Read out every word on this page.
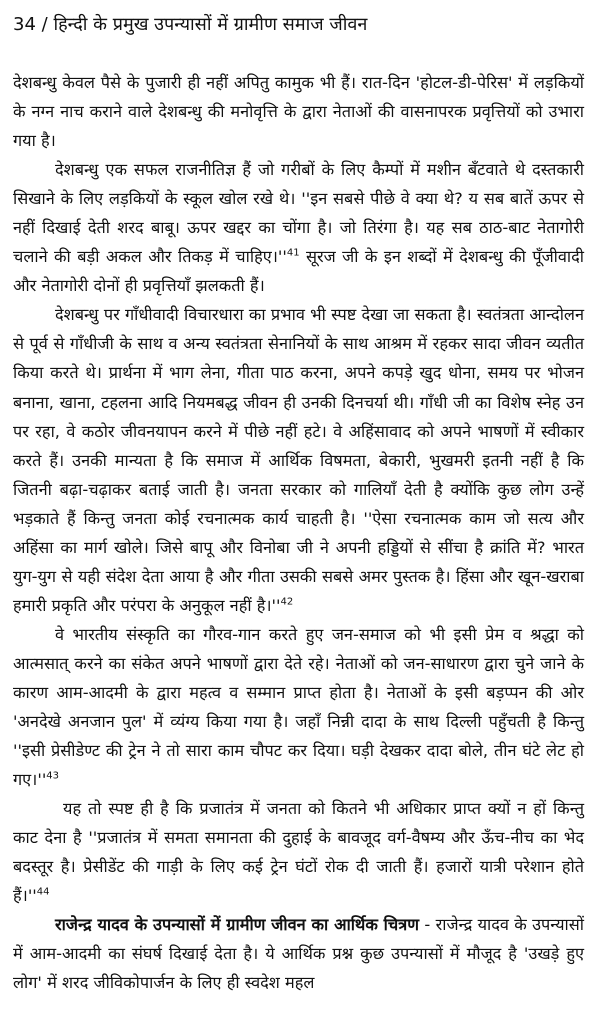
34 / हिन्दी के प्रमुख उपन्यासों में ग्रामीण समाज जीवन

देशबन्धु केवल पैसे के पुजारी ही नहीं अपितु कामुक भी हैं। रात-दिन 'होटल-डी-पेरिस' में लड़कियों के नग्न नाच कराने वाले देशबन्धु की मनोवृत्ति के द्वारा नेताओं की वासनापरक प्रवृत्तियों को उभारा गया है।

देशबन्धु एक सफल राजनीतिज्ञ हैं जो गरीबों के लिए कैम्पों में मशीन बँटवाते थे दस्तकारी सिखाने के लिए लड़कियों के स्कूल खोल रखे थे। ''इन सबसे पीछे वे क्या थे? य सब बातें ऊपर से नहीं दिखाई देती शरद बाबू। ऊपर खद्दर का चोंगा है। जो तिरंगा है। यह सब ठाठ-बाट नेतागोरी चलाने की बड़ी अकल और तिकड़ में चाहिए।''$^{41}$ सूरज जी के इन शब्दों में देशबन्धु की पूँजीवादी और नेतागोरी दोनों ही प्रवृत्तियाँ झलकती हैं।

देशबन्धु पर गाँधीवादी विचारधारा का प्रभाव भी स्पष्ट देखा जा सकता है। स्वतंत्रता आन्दोलन से पूर्व से गाँधीजी के साथ व अन्य स्वतंत्रता सेनानियों के साथ आश्रम में रहकर सादा जीवन व्यतीत किया करते थे। प्रार्थना में भाग लेना, गीता पाठ करना, अपने कपड़े खुद धोना, समय पर भोजन बनाना, खाना, टहलना आदि नियमबद्ध जीवन ही उनकी दिनचर्या थी। गाँधी जी का विशेष स्नेह उन पर रहा, वे कठोर जीवनयापन करने में पीछे नहीं हटे। वे अहिंसावाद को अपने भाषणों में स्वीकार करते हैं। उनकी मान्यता है कि समाज में आर्थिक विषमता, बेकारी, भुखमरी इतनी नहीं है कि जितनी बढ़ा-चढ़ाकर बताई जाती है। जनता सरकार को गालियाँ देती है क्योंकि कुछ लोग उन्हें भड़काते हैं किन्तु जनता कोई रचनात्मक कार्य चाहती है। ''ऐसा रचनात्मक काम जो सत्य और अहिंसा का मार्ग खोले। जिसे बापू और विनोबा जी ने अपनी हड्डियों से सींचा है क्रांति में? भारत युग-युग से यही संदेश देता आया है और गीता उसकी सबसे अमर पुस्तक है। हिंसा और खून-खराबा हमारी प्रकृति और परंपरा के अनुकूल नहीं है।''$^{42}$

वे भारतीय संस्कृति का गौरव-गान करते हुए जन-समाज को भी इसी प्रेम व श्रद्धा को आत्मसात् करने का संकेत अपने भाषणों द्वारा देते रहे। नेताओं को जन-साधारण द्वारा चुने जाने के कारण आम-आदमी के द्वारा महत्व व सम्मान प्राप्त होता है। नेताओं के इसी बड़प्पन की ओर 'अनदेखे अनजान पुल' में व्यंग्य किया गया है। जहाँ निन्नी दादा के साथ दिल्ली पहुँचती है किन्तु ''इसी प्रेसीडेण्ट की ट्रेन ने तो सारा काम चौपट कर दिया। घड़ी देखकर दादा बोले, तीन घंटे लेट हो गए।''$^{43}$

यह तो स्पष्ट ही है कि प्रजातंत्र में जनता को कितने भी अधिकार प्राप्त क्यों न हों किन्तु काट देना है ''प्रजातंत्र में समता समानता की दुहाई के बावजूद वर्ग-वैषम्य और ऊँच-नीच का भेद बदस्तूर है। प्रेसीडेंट की गाड़ी के लिए कई ट्रेन घंटों रोक दी जाती हैं। हजारों यात्री परेशान होते हैं।''$^{44}$

राजेन्द्र यादव के उपन्यासों में ग्रामीण जीवन का आर्थिक चित्रण - राजेन्द्र यादव के उपन्यासों में आम-आदमी का संघर्ष दिखाई देता है। ये आर्थिक प्रश्न कुछ उपन्यासों में मौजूद है 'उखड़े हुए लोग' में शरद जीविकोपार्जन के लिए ही स्वदेश महल
